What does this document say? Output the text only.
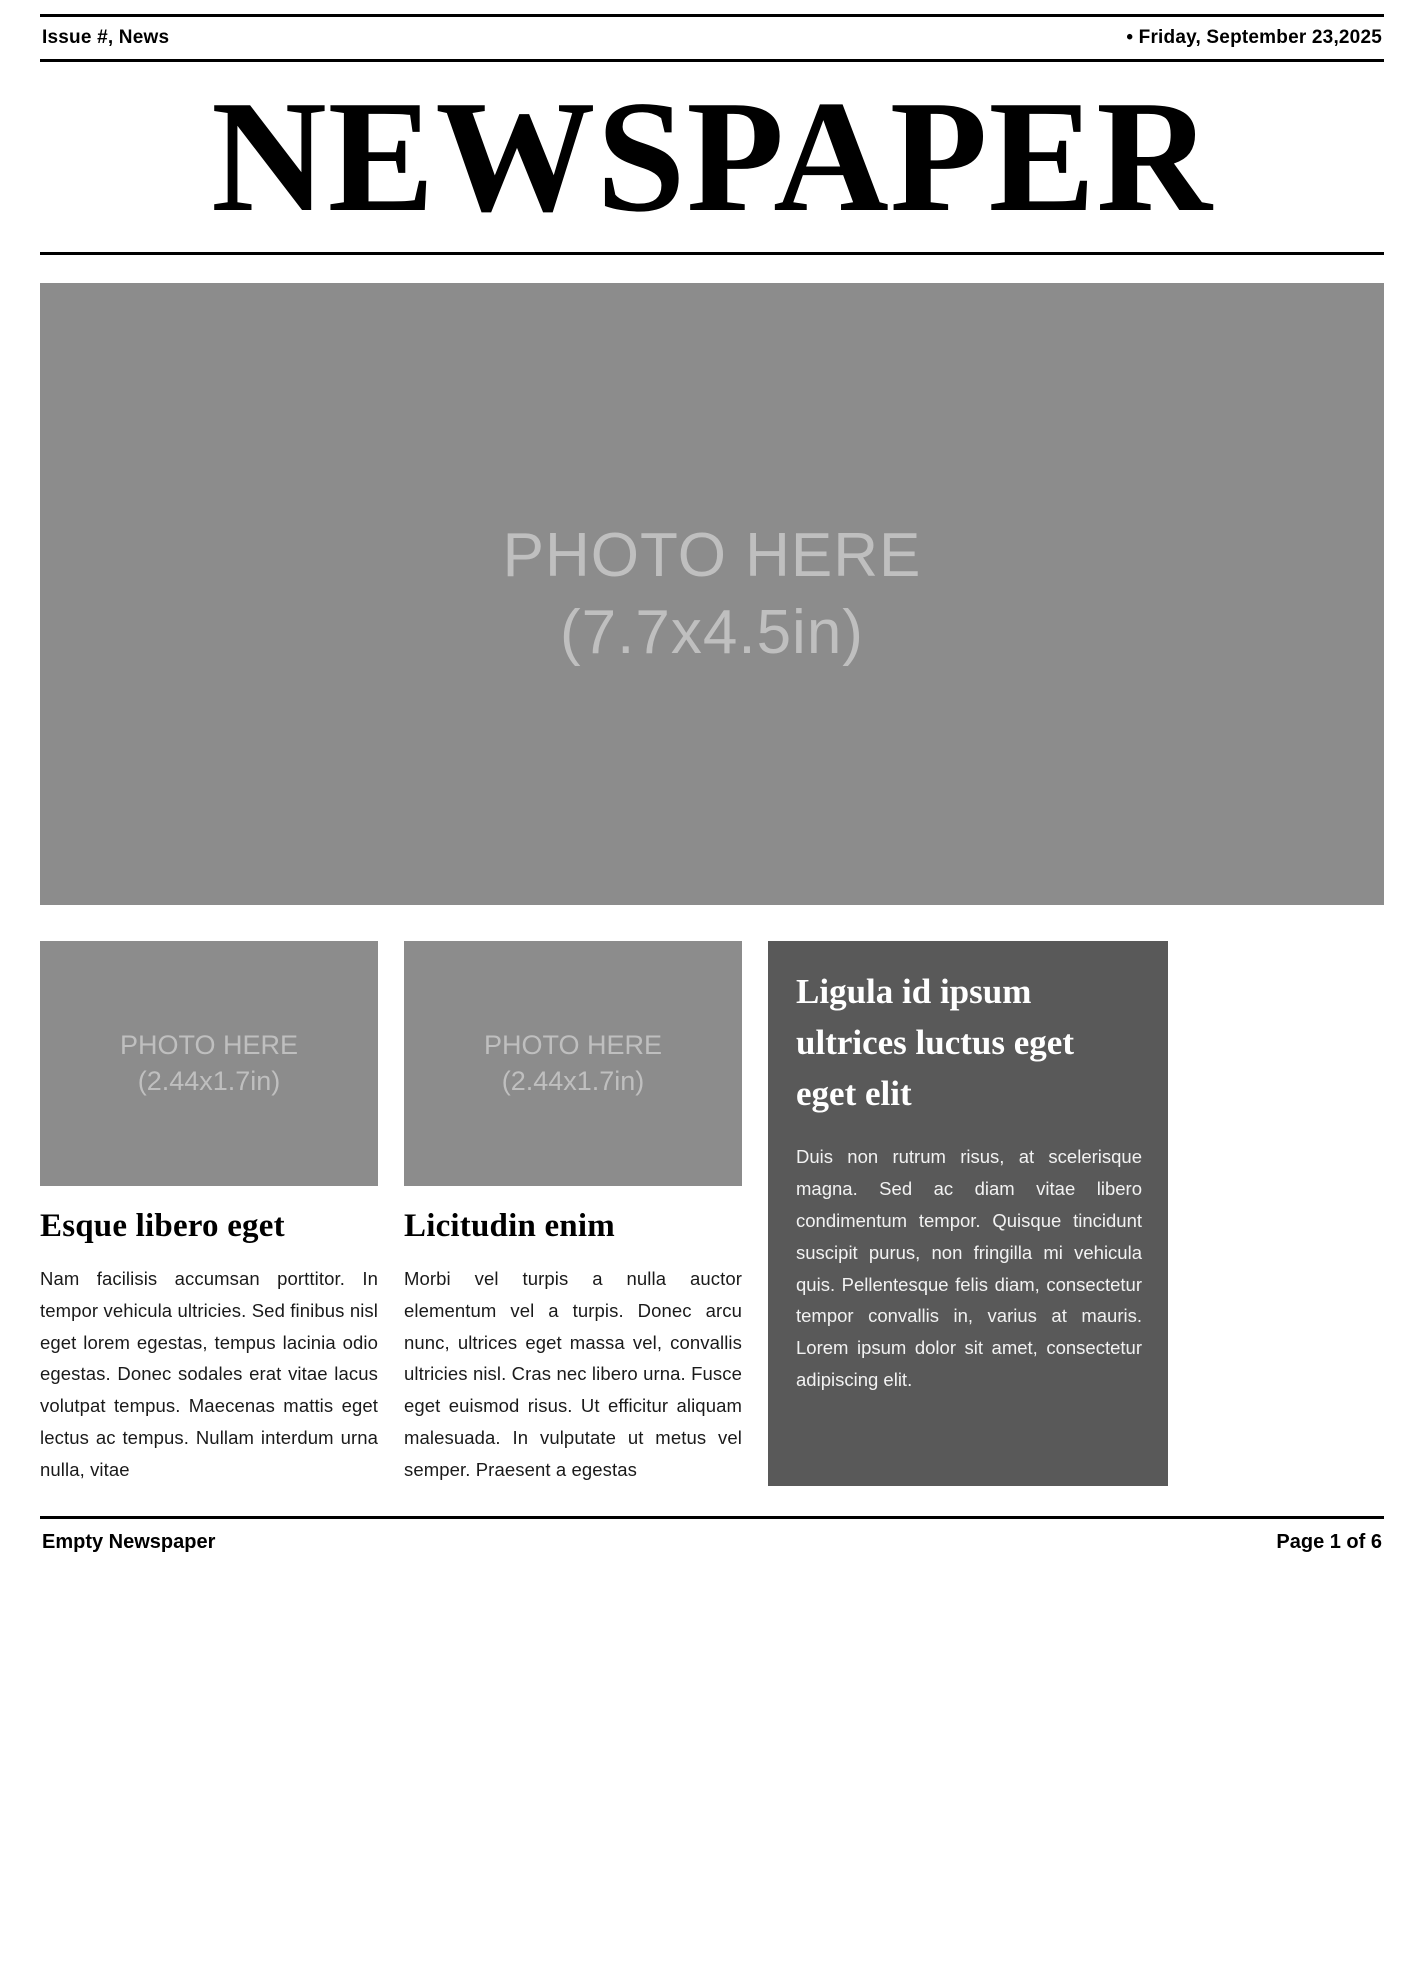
Issue #, News	• Friday, September 23,2025
NEWSPAPER
PHOTO HERE
(7.7x4.5in)
PHOTO HERE
(2.44x1.7in)
Esque libero eget
Nam facilisis accumsan porttitor. In tempor vehicula ultricies. Sed finibus nisl eget lorem egestas, tempus lacinia odio egestas. Donec sodales erat vitae lacus volutpat tempus. Maecenas mattis eget lectus ac tempus. Nullam interdum urna nulla, vitae
PHOTO HERE
(2.44x1.7in)
Licitudin enim
Morbi vel turpis a nulla auctor elementum vel a turpis. Donec arcu nunc, ultrices eget massa vel, convallis ultricies nisl. Cras nec libero urna. Fusce eget euismod risus. Ut efficitur aliquam malesuada. In vulputate ut metus vel semper. Praesent a egestas
Ligula id ipsum ultrices luctus eget eget elit
Duis non rutrum risus, at scelerisque magna. Sed ac diam vitae libero condimentum tempor. Quisque tincidunt suscipit purus, non fringilla mi vehicula quis. Pellentesque felis diam, consectetur tempor convallis in, varius at mauris. Lorem ipsum dolor sit amet, consectetur adipiscing elit.
Empty Newspaper	Page 1 of 6
